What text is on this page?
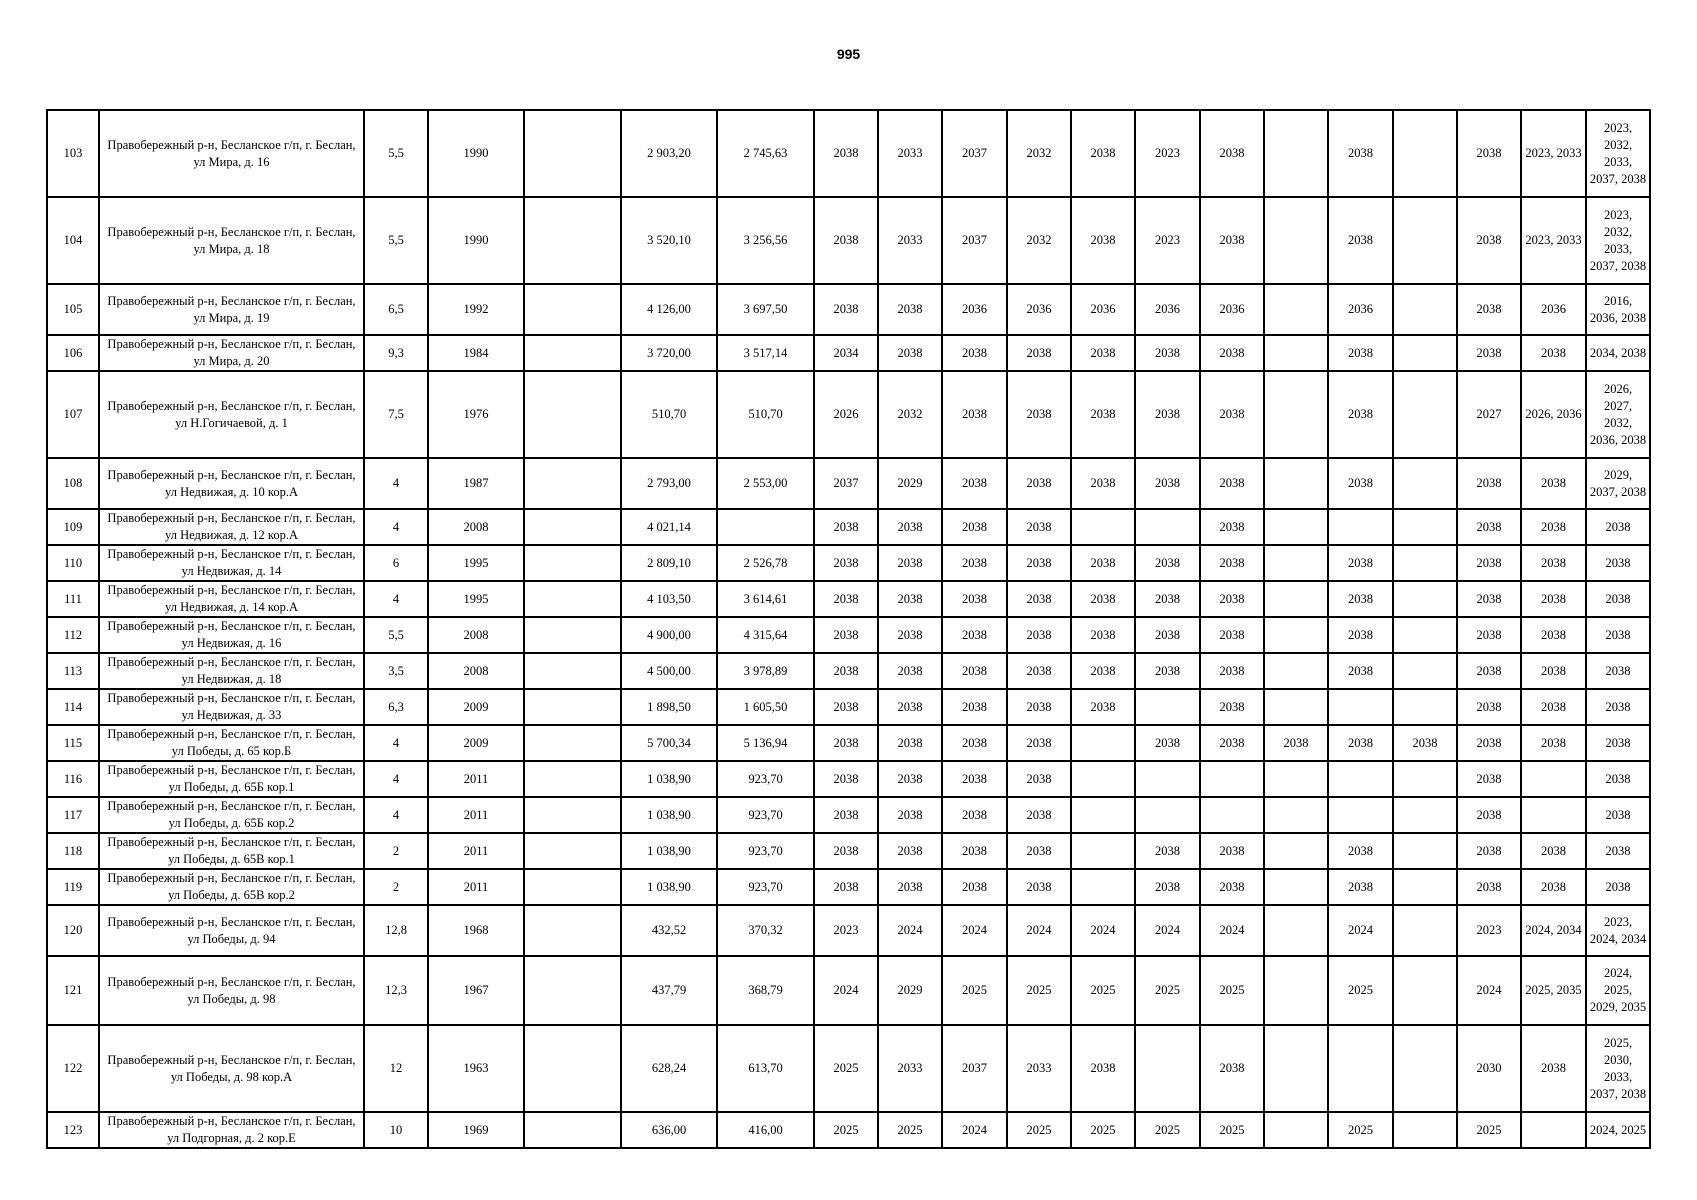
995
103	Правобережный р-н, Бесланское г/п, г. Беслан, ул Мира, д. 16	5,5	1990		2 903,20	2 745,63	2038	2033	2037	2032	2038	2023	2038		2038		2038	2023, 2033	2023, 2032, 2033, 2037, 2038
104	Правобережный р-н, Бесланское г/п, г. Беслан, ул Мира, д. 18	5,5	1990		3 520,10	3 256,56	2038	2033	2037	2032	2038	2023	2038		2038		2038	2023, 2033	2023, 2032, 2033, 2037, 2038
105	Правобережный р-н, Бесланское г/п, г. Беслан, ул Мира, д. 19	6,5	1992		4 126,00	3 697,50	2038	2038	2036	2036	2036	2036	2036		2036		2038	2036	2016, 2036, 2038
106	Правобережный р-н, Бесланское г/п, г. Беслан, ул Мира, д. 20	9,3	1984		3 720,00	3 517,14	2034	2038	2038	2038	2038	2038	2038		2038		2038	2038	2034, 2038
107	Правобережный р-н, Бесланское г/п, г. Беслан, ул Н.Гогичаевой, д. 1	7,5	1976		510,70	510,70	2026	2032	2038	2038	2038	2038	2038		2038		2027	2026, 2036	2026, 2027, 2032, 2036, 2038
108	Правобережный р-н, Бесланское г/п, г. Беслан, ул Недвижая, д. 10 кор.А	4	1987		2 793,00	2 553,00	2037	2029	2038	2038	2038	2038	2038		2038		2038	2038	2029, 2037, 2038
109	Правобережный р-н, Бесланское г/п, г. Беслан, ул Недвижая, д. 12 кор.А	4	2008		4 021,14		2038	2038	2038	2038			2038				2038	2038	2038
110	Правобережный р-н, Бесланское г/п, г. Беслан, ул Недвижая, д. 14	6	1995		2 809,10	2 526,78	2038	2038	2038	2038	2038	2038	2038		2038		2038	2038	2038
111	Правобережный р-н, Бесланское г/п, г. Беслан, ул Недвижая, д. 14 кор.А	4	1995		4 103,50	3 614,61	2038	2038	2038	2038	2038	2038	2038		2038		2038	2038	2038
112	Правобережный р-н, Бесланское г/п, г. Беслан, ул Недвижая, д. 16	5,5	2008		4 900,00	4 315,64	2038	2038	2038	2038	2038	2038	2038		2038		2038	2038	2038
113	Правобережный р-н, Бесланское г/п, г. Беслан, ул Недвижая, д. 18	3,5	2008		4 500,00	3 978,89	2038	2038	2038	2038	2038	2038	2038		2038		2038	2038	2038
114	Правобережный р-н, Бесланское г/п, г. Беслан, ул Недвижая, д. 33	6,3	2009		1 898,50	1 605,50	2038	2038	2038	2038	2038		2038				2038	2038	2038
115	Правобережный р-н, Бесланское г/п, г. Беслан, ул Победы, д. 65 кор.Б	4	2009		5 700,34	5 136,94	2038	2038	2038	2038		2038	2038	2038	2038	2038	2038	2038	2038
116	Правобережный р-н, Бесланское г/п, г. Беслан, ул Победы, д. 65Б кор.1	4	2011		1 038,90	923,70	2038	2038	2038	2038							2038		2038
117	Правобережный р-н, Бесланское г/п, г. Беслан, ул Победы, д. 65Б кор.2	4	2011		1 038,90	923,70	2038	2038	2038	2038							2038		2038
118	Правобережный р-н, Бесланское г/п, г. Беслан, ул Победы, д. 65В кор.1	2	2011		1 038,90	923,70	2038	2038	2038	2038		2038	2038		2038		2038	2038	2038
119	Правобережный р-н, Бесланское г/п, г. Беслан, ул Победы, д. 65В кор.2	2	2011		1 038,90	923,70	2038	2038	2038	2038		2038	2038		2038		2038	2038	2038
120	Правобережный р-н, Бесланское г/п, г. Беслан, ул Победы, д. 94	12,8	1968		432,52	370,32	2023	2024	2024	2024	2024	2024	2024		2024		2023	2024, 2034	2023, 2024, 2034
121	Правобережный р-н, Бесланское г/п, г. Беслан, ул Победы, д. 98	12,3	1967		437,79	368,79	2024	2029	2025	2025	2025	2025	2025		2025		2024	2025, 2035	2024, 2025, 2029, 2035
122	Правобережный р-н, Бесланское г/п, г. Беслан, ул Победы, д. 98 кор.А	12	1963		628,24	613,70	2025	2033	2037	2033	2038		2038				2030	2038	2025, 2030, 2033, 2037, 2038
123	Правобережный р-н, Бесланское г/п, г. Беслан, ул Подгорная, д. 2 кор.Е	10	1969		636,00	416,00	2025	2025	2024	2025	2025	2025	2025		2025		2025		2024, 2025
